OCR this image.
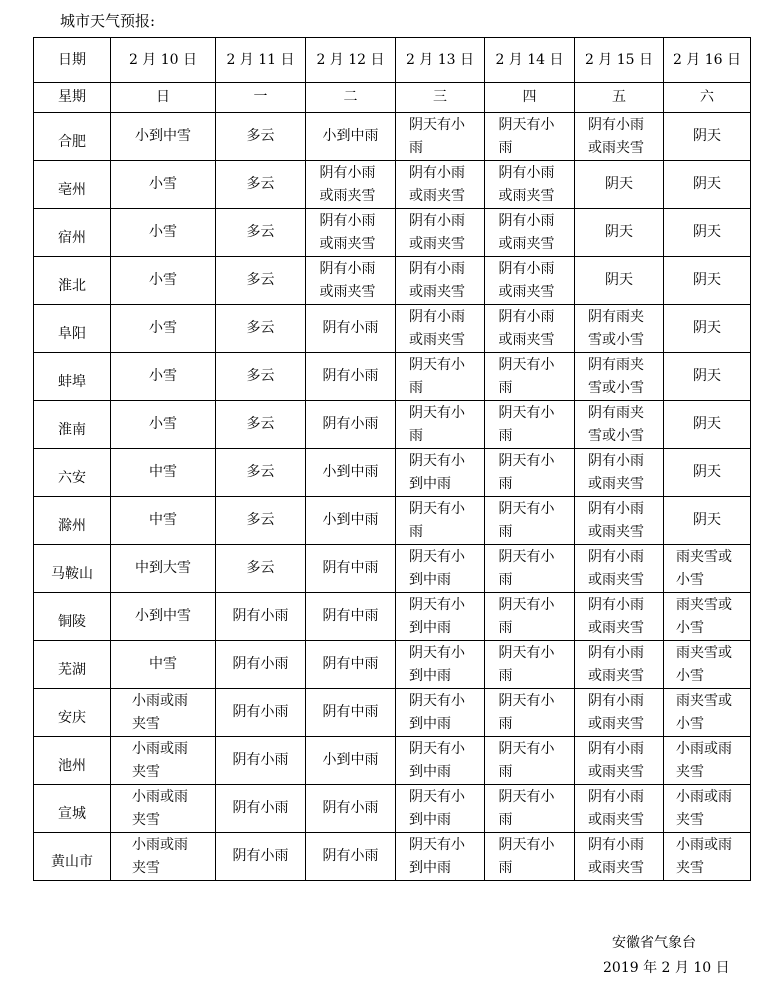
城市天气预报:
日期	2 月 10 日	2 月 11 日	2 月 12 日	2 月 13 日	2 月 14 日	2 月 15 日	2 月 16 日
星期	日	一	二	三	四	五	六
合肥	小到中雪	多云	小到中雨	阴天有小雨	阴天有小雨	阴有小雨或雨夹雪	阴天
亳州	小雪	多云	阴有小雨或雨夹雪	阴有小雨或雨夹雪	阴有小雨或雨夹雪	阴天	阴天
宿州	小雪	多云	阴有小雨或雨夹雪	阴有小雨或雨夹雪	阴有小雨或雨夹雪	阴天	阴天
淮北	小雪	多云	阴有小雨或雨夹雪	阴有小雨或雨夹雪	阴有小雨或雨夹雪	阴天	阴天
阜阳	小雪	多云	阴有小雨	阴有小雨或雨夹雪	阴有小雨或雨夹雪	阴有雨夹雪或小雪	阴天
蚌埠	小雪	多云	阴有小雨	阴天有小雨	阴天有小雨	阴有雨夹雪或小雪	阴天
淮南	小雪	多云	阴有小雨	阴天有小雨	阴天有小雨	阴有雨夹雪或小雪	阴天
六安	中雪	多云	小到中雨	阴天有小到中雨	阴天有小雨	阴有小雨或雨夹雪	阴天
滁州	中雪	多云	小到中雨	阴天有小雨	阴天有小雨	阴有小雨或雨夹雪	阴天
马鞍山	中到大雪	多云	阴有中雨	阴天有小到中雨	阴天有小雨	阴有小雨或雨夹雪	雨夹雪或小雪

铜陵	小到中雪	阴有小雨	阴有中雨	阴天有小到中雨	阴天有小雨	阴有小雨或雨夹雪	雨夹雪或小雪

芜湖	中雪	阴有小雨	阴有中雨	阴天有小到中雨	阴天有小雨	阴有小雨或雨夹雪	雨夹雪或小雪

安庆	小雨或雨夹雪	阴有小雨	阴有中雨	阴天有小到中雨	阴天有小雨	阴有小雨或雨夹雪	雨夹雪或小雪

池州	小雨或雨夹雪	阴有小雨	小到中雨	阴天有小到中雨	阴天有小雨	阴有小雨或雨夹雪	小雨或雨夹雪

宣城	小雨或雨夹雪	阴有小雨	阴有小雨	阴天有小到中雨	阴天有小雨	阴有小雨或雨夹雪	小雨或雨夹雪

黄山市	小雨或雨夹雪	阴有小雨	阴有小雨	阴天有小到中雨	阴天有小雨	阴有小雨或雨夹雪	小雨或雨夹雪
安徽省气象台
2019 年 2 月 10 日
